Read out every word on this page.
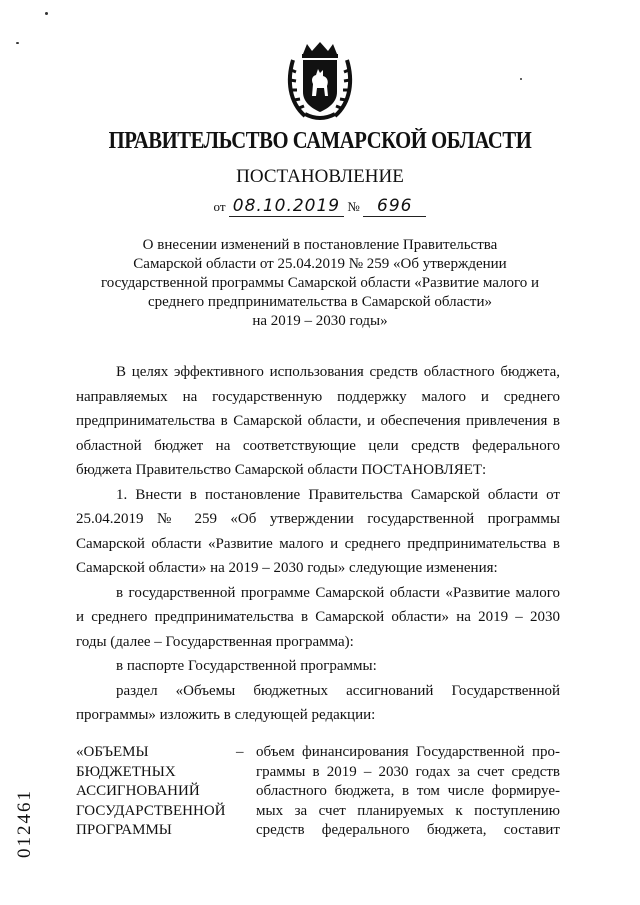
ПРАВИТЕЛЬСТВО САМАРСКОЙ ОБЛАСТИ
ПОСТАНОВЛЕНИЕ
от 08.10.2019 № 696
О внесении изменений в постановление Правительства
Самарской области от 25.04.2019 № 259 «Об утверждении
государственной программы Самарской области «Развитие малого и
среднего предпринимательства в Самарской области»
на 2019 – 2030 годы»

В целях эффективного использования средств областного бюджета, направляемых на государственную поддержку малого и среднего предпринимательства в Самарской области, и обеспечения привлечения в областной бюджет на соответствующие цели средств федерального бюджета Правительство Самарской области ПОСТАНОВЛЯЕТ:

1. Внести в постановление Правительства Самарской области от 25.04.2019 № 259 «Об утверждении государственной программы Самарской области «Развитие малого и среднего предпринимательства в Самарской области» на 2019 – 2030 годы» следующие изменения:

в государственной программе Самарской области «Развитие малого и среднего предпринимательства в Самарской области» на 2019 – 2030 годы (далее – Государственная программа):

в паспорте Государственной программы:

раздел «Объемы бюджетных ассигнований Государственной программы» изложить в следующей редакции:

«ОБЪЕМЫ
БЮДЖЕТНЫХ
АССИГНОВАНИЙ
ГОСУДАРСТВЕННОЙ
ПРОГРАММЫ
– объем финансирования Государственной про-
граммы в 2019 – 2030 годах за счет средств
областного бюджета, в том числе формируе-
мых за счет планируемых к поступлению
средств федерального бюджета, составит
012461
